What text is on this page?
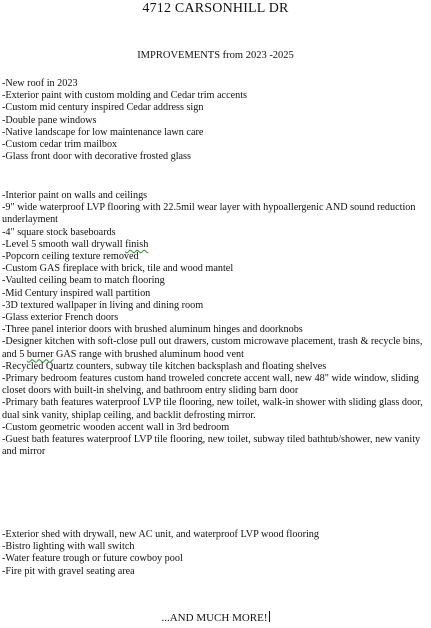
4712 CARSONHILL DR
IMPROVEMENTS from 2023 -2025
-New roof in 2023
-Exterior paint with custom molding and Cedar trim accents
-Custom mid century inspired Cedar address sign
-Double pane windows
-Native landscape for low maintenance lawn care
-Custom cedar trim mailbox
-Glass front door with decorative frosted glass
-Interior paint on walls and ceilings
-9" wide waterproof LVP flooring with 22.5mil wear layer with hypoallergenic AND sound reduction underlayment
-4" square stock baseboards
-Level 5 smooth wall drywall finish
-Popcorn ceiling texture removed
-Custom GAS fireplace with brick, tile and wood mantel
-Vaulted ceiling beam to match flooring
-Mid Century inspired wall partition
-3D textured wallpaper in living and dining room
-Glass exterior French doors
-Three panel interior doors with brushed aluminum hinges and doorknobs
-Designer kitchen with soft-close pull out drawers, custom microwave placement, trash & recycle bins, and 5 burner GAS range with brushed aluminum hood vent
-Recycled Quartz counters, subway tile kitchen backsplash and floating shelves
-Primary bedroom features custom hand troweled concrete accent wall, new 48" wide window, sliding closet doors with built-in shelving, and bathroom entry sliding barn door
-Primary bath features waterproof LVP tile flooring, new toilet, walk-in shower with sliding glass door, dual sink vanity, shiplap ceiling, and backlit defrosting mirror.
-Custom geometric wooden accent wall in 3rd bedroom
-Guest bath features waterproof LVP tile flooring, new toilet, subway tiled bathtub/shower, new vanity and mirror
-Exterior shed with drywall, new AC unit, and waterproof LVP wood flooring
-Bistro lighting with wall switch
-Water feature trough or future cowboy pool
-Fire pit with gravel seating area
...AND MUCH MORE!
